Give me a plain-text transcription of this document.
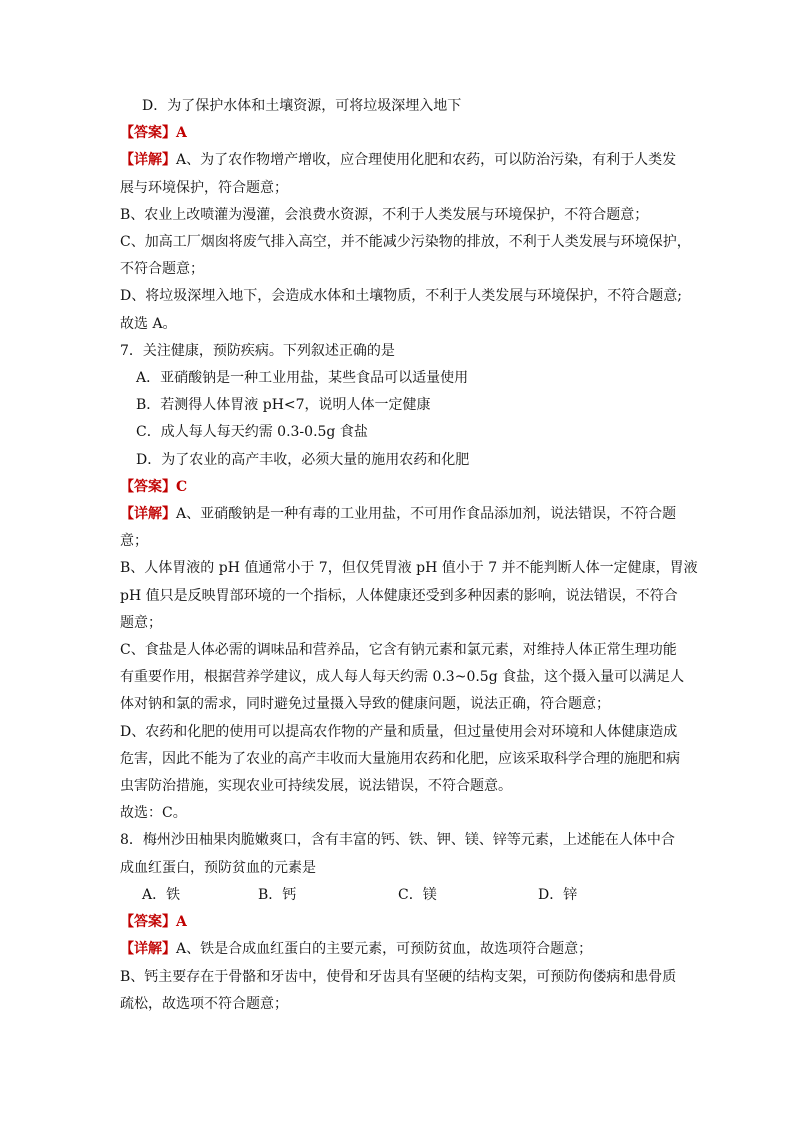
D．为了保护水体和土壤资源，可将垃圾深埋入地下
【答案】A
【详解】A、为了农作物增产增收，应合理使用化肥和农药，可以防治污染，有利于人类发
展与环境保护，符合题意；
B、农业上改喷灌为漫灌，会浪费水资源，不利于人类发展与环境保护，不符合题意；
C、加高工厂烟囱将废气排入高空，并不能减少污染物的排放，不利于人类发展与环境保护，
不符合题意；
D、将垃圾深埋入地下，会造成水体和土壤物质，不利于人类发展与环境保护，不符合题意;
故选 A。
7．关注健康，预防疾病。下列叙述正确的是
A．亚硝酸钠是一种工业用盐，某些食品可以适量使用
B．若测得人体胃液 pH<7，说明人体一定健康
C．成人每人每天约需 0.3-0.5g 食盐
D．为了农业的高产丰收，必须大量的施用农药和化肥
【答案】C
【详解】A、亚硝酸钠是一种有毒的工业用盐，不可用作食品添加剂，说法错误，不符合题
意；
B、人体胃液的 pH 值通常小于 7，但仅凭胃液 pH 值小于 7 并不能判断人体一定健康，胃液
pH 值只是反映胃部环境的一个指标，人体健康还受到多种因素的影响，说法错误，不符合
题意；
C、食盐是人体必需的调味品和营养品，它含有钠元素和氯元素，对维持人体正常生理功能
有重要作用，根据营养学建议，成人每人每天约需 0.3~0.5g 食盐，这个摄入量可以满足人
体对钠和氯的需求，同时避免过量摄入导致的健康问题，说法正确，符合题意；
D、农药和化肥的使用可以提高农作物的产量和质量，但过量使用会对环境和人体健康造成
危害，因此不能为了农业的高产丰收而大量施用农药和化肥，应该采取科学合理的施肥和病
虫害防治措施，实现农业可持续发展，说法错误，不符合题意。
故选：C。
8．梅州沙田柚果肉脆嫩爽口，含有丰富的钙、铁、钾、镁、锌等元素，上述能在人体中合
成血红蛋白，预防贫血的元素是
A．铁	B．钙	C．镁	D．锌
【答案】A
【详解】A、铁是合成血红蛋白的主要元素，可预防贫血，故选项符合题意；
B、钙主要存在于骨骼和牙齿中，使骨和牙齿具有坚硬的结构支架，可预防佝偻病和患骨质
疏松，故选项不符合题意；
